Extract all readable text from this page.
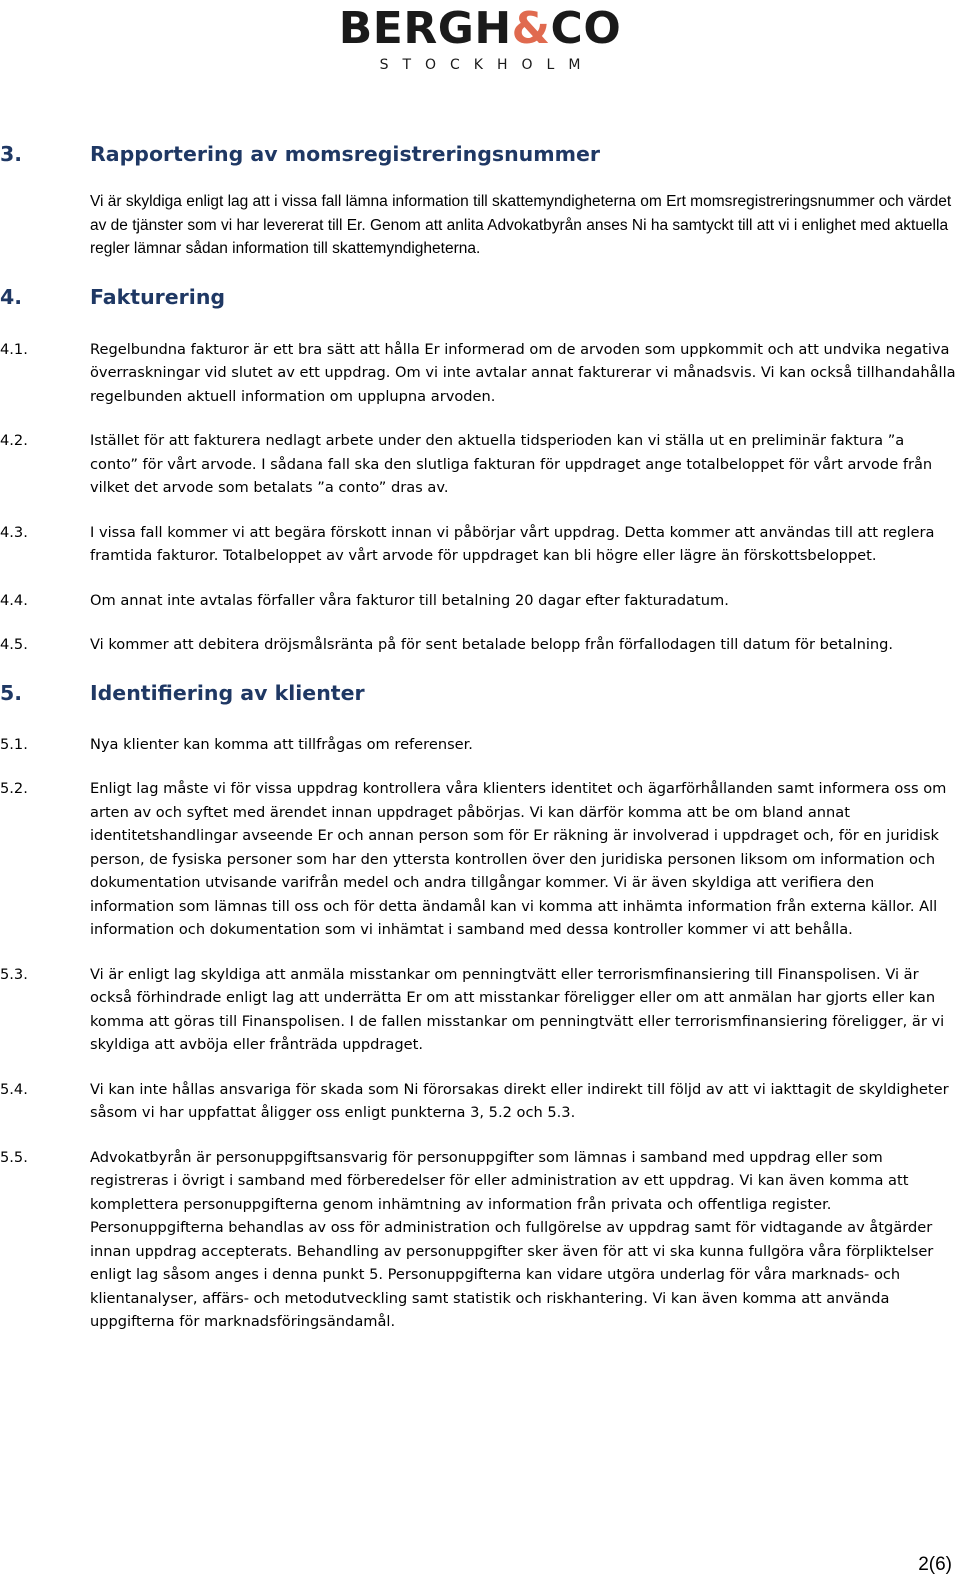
BERGH&CO
STOCKHOLM
3.	Rapportering av momsregistreringsnummer

Vi är skyldiga enligt lag att i vissa fall lämna information till skattemyndigheterna om Ert momsregistreringsnummer och värdet av de tjänster som vi har levererat till Er. Genom att anlita Advokatbyrån anses Ni ha samtyckt till att vi i enlighet med aktuella regler lämnar sådan information till skattemyndigheterna.

4.	Fakturering
4.1.	Regelbundna fakturor är ett bra sätt att hålla Er informerad om de arvoden som uppkommit och att undvika negativa överraskningar vid slutet av ett uppdrag. Om vi inte avtalar annat fakturerar vi månadsvis. Vi kan också tillhandahålla regelbunden aktuell information om upplupna arvoden.
4.2.	Istället för att fakturera nedlagt arbete under den aktuella tidsperioden kan vi ställa ut en preliminär faktura ”a conto” för vårt arvode. I sådana fall ska den slutliga fakturan för uppdraget ange totalbeloppet för vårt arvode från vilket det arvode som betalats ”a conto” dras av.
4.3.	I vissa fall kommer vi att begära förskott innan vi påbörjar vårt uppdrag. Detta kommer att användas till att reglera framtida fakturor. Totalbeloppet av vårt arvode för uppdraget kan bli högre eller lägre än förskottsbeloppet.
4.4.	Om annat inte avtalas förfaller våra fakturor till betalning 20 dagar efter fakturadatum.
4.5.	Vi kommer att debitera dröjsmålsränta på för sent betalade belopp från förfallodagen till datum för betalning.
5.	Identifiering av klienter
5.1.	Nya klienter kan komma att tillfrågas om referenser.
5.2.	Enligt lag måste vi för vissa uppdrag kontrollera våra klienters identitet och ägarförhållanden samt informera oss om arten av och syftet med ärendet innan uppdraget påbörjas. Vi kan därför komma att be om bland annat identitetshandlingar avseende Er och annan person som för Er räkning är involverad i uppdraget och, för en juridisk person, de fysiska personer som har den yttersta kontrollen över den juridiska personen liksom om information och dokumentation utvisande varifrån medel och andra tillgångar kommer. Vi är även skyldiga att verifiera den information som lämnas till oss och för detta ändamål kan vi komma att inhämta information från externa källor. All information och dokumentation som vi inhämtat i samband med dessa kontroller kommer vi att behålla.
5.3.	Vi är enligt lag skyldiga att anmäla misstankar om penningtvätt eller terrorismfinansiering till Finanspolisen. Vi är också förhindrade enligt lag att underrätta Er om att misstankar föreligger eller om att anmälan har gjorts eller kan komma att göras till Finanspolisen. I de fallen misstankar om penningtvätt eller terrorismfinansiering föreligger, är vi skyldiga att avböja eller frånträda uppdraget.
5.4.	Vi kan inte hållas ansvariga för skada som Ni förorsakas direkt eller indirekt till följd av att vi iakttagit de skyldigheter såsom vi har uppfattat åligger oss enligt punkterna 3, 5.2 och 5.3.
5.5.	Advokatbyrån är personuppgiftsansvarig för personuppgifter som lämnas i samband med uppdrag eller som registreras i övrigt i samband med förberedelser för eller administration av ett uppdrag. Vi kan även komma att komplettera personuppgifterna genom inhämtning av information från privata och offentliga register. Personuppgifterna behandlas av oss för administration och fullgörelse av uppdrag samt för vidtagande av åtgärder innan uppdrag accepterats. Behandling av personuppgifter sker även för att vi ska kunna fullgöra våra förpliktelser enligt lag såsom anges i denna punkt 5. Personuppgifterna kan vidare utgöra underlag för våra marknads- och klientanalyser, affärs- och metodutveckling samt statistik och riskhantering. Vi kan även komma att använda uppgifterna för marknadsföringsändamål.
2(6)
